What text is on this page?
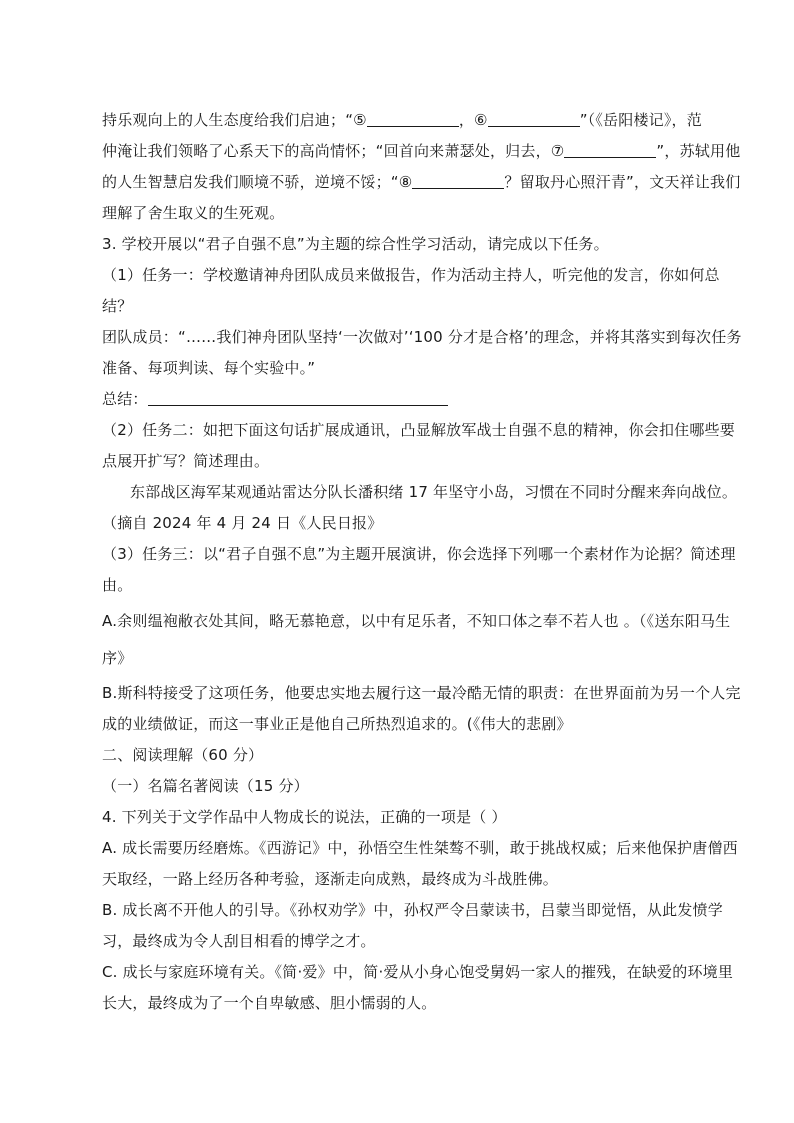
持乐观向上的人生态度给我们启迪；“⑤	，⑥	”（《岳阳楼记》，范
仲淹让我们领略了心系天下的高尚情怀；“回首向来萧瑟处，归去，⑦	”，苏轼用他
的人生智慧启发我们顺境不骄，逆境不馁；“⑧	？留取丹心照汗青”，文天祥让我们
理解了舍生取义的生死观。
3. 学校开展以“君子自强不息”为主题的综合性学习活动，请完成以下任务。
（1）任务一：学校邀请神舟团队成员来做报告，作为活动主持人，听完他的发言，你如何总
结？
团队成员：“……我们神舟团队坚持‘一次做对’‘100 分才是合格’的理念，并将其落实到每次任务
准备、每项判读、每个实验中。”
总结：
（2）任务二：如把下面这句话扩展成通讯，凸显解放军战士自强不息的精神，你会扣住哪些要
点展开扩写？简述理由。
东部战区海军某观通站雷达分队长潘积绪 17 年坚守小岛，习惯在不同时分醒来奔向战位。
（摘自 2024 年 4 月 24 日《人民日报》
（3）任务三：以“君子自强不息”为主题开展演讲，你会选择下列哪一个素材作为论据？简述理
由。
A.余则缊袍敝衣处其间，略无慕艳意，以中有足乐者，不知口体之奉不若人也 。（《送东阳马生
序》
B.斯科特接受了这项任务，他要忠实地去履行这一最冷酷无情的职责：在世界面前为另一个人完
成的业绩做证，而这一事业正是他自己所热烈追求的。(《伟大的悲剧》
二、阅读理解（60 分）
（一）名篇名著阅读（15 分）
4. 下列关于文学作品中人物成长的说法，正确的一项是（ ）
A. 成长需要历经磨炼。《西游记》中，孙悟空生性桀骜不驯，敢于挑战权威；后来他保护唐僧西
天取经，一路上经历各种考验，逐渐走向成熟，最终成为斗战胜佛。
B. 成长离不开他人的引导。《孙权劝学》中，孙权严令吕蒙读书，吕蒙当即觉悟，从此发愤学
习，最终成为令人刮目相看的博学之才。
C. 成长与家庭环境有关。《简·爱》中，简·爱从小身心饱受舅妈一家人的摧残，在缺爱的环境里
长大，最终成为了一个自卑敏感、胆小懦弱的人。
